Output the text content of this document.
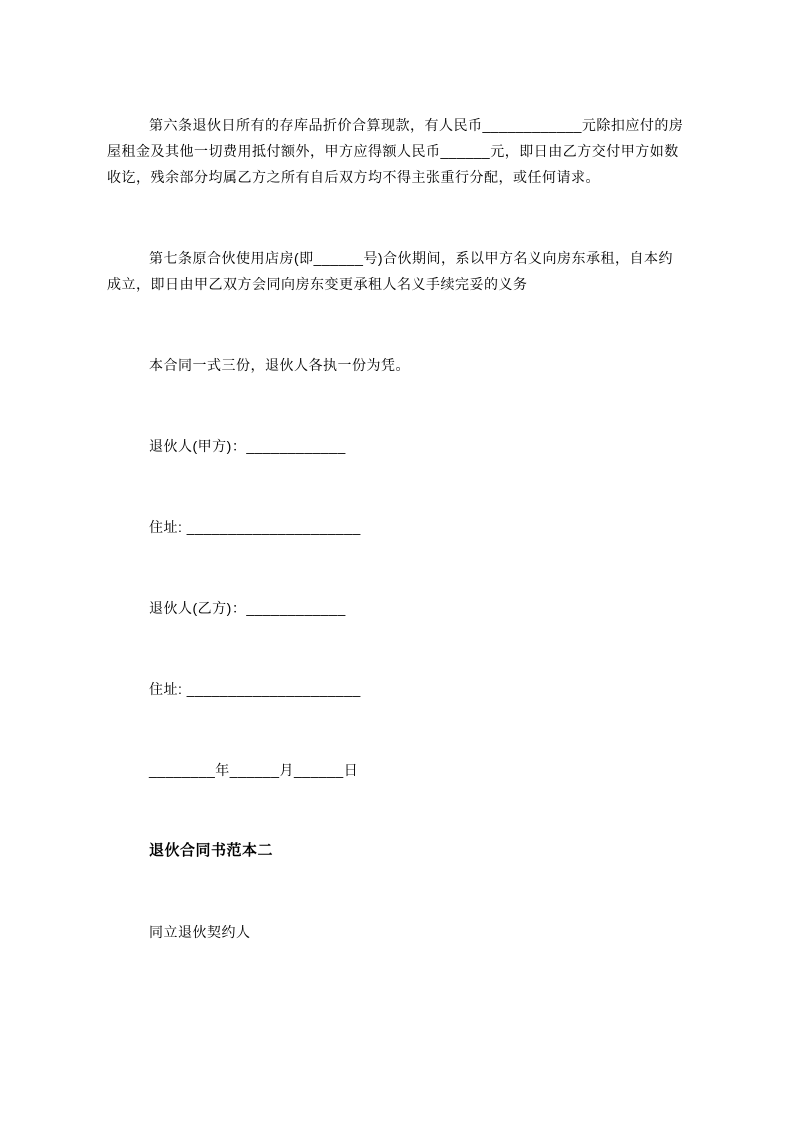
第六条退伙日所有的存库品折价合算现款，有人民币____________元除扣应付的房屋租金及其他一切费用抵付额外，甲方应得额人民币______元，即日由乙方交付甲方如数收讫，残余部分均属乙方之所有自后双方均不得主张重行分配，或任何请求。

第七条原合伙使用店房(即______号)合伙期间，系以甲方名义向房东承租，自本约成立，即日由甲乙双方会同向房东变更承租人名义手续完妥的义务

本合同一式三份，退伙人各执一份为凭。

退伙人(甲方)：____________

住址: _____________________

退伙人(乙方)：____________

住址: _____________________

________年______月______日

退伙合同书范本二

同立退伙契约人
